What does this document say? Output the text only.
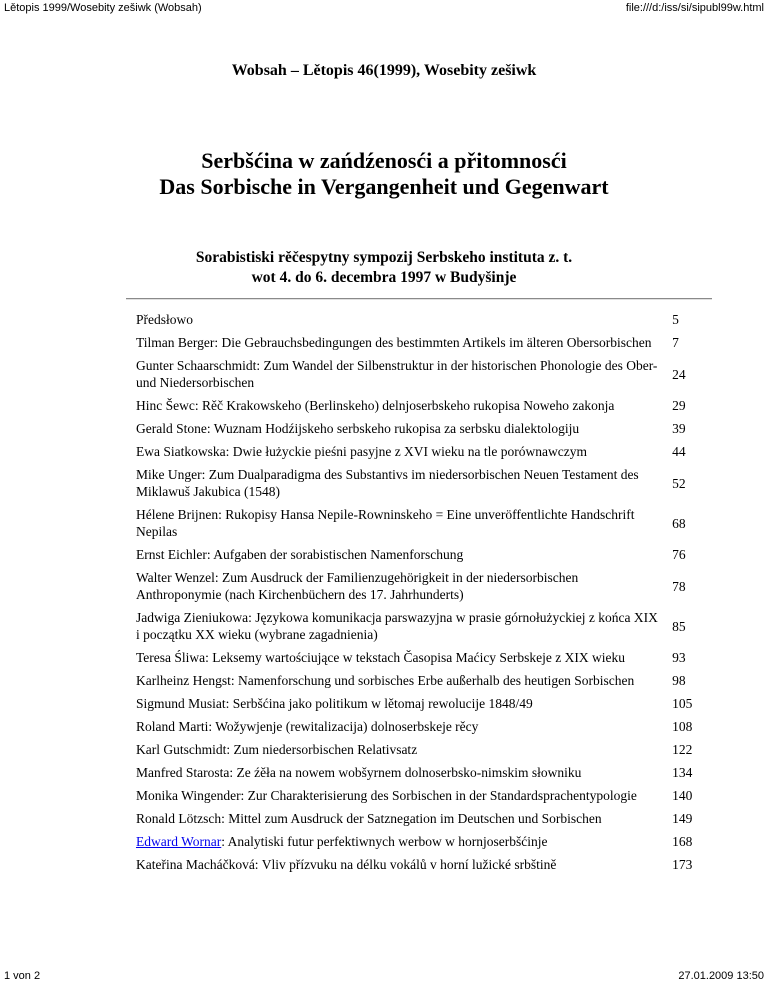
Lětopis 1999/Wosebity zešiwk (Wobsah)	file:///d:/iss/si/sipubl99w.html
Wobsah – Lětopis 46(1999), Wosebity zešiwk
Serbšćina w zańdźenosći a přitomnosći
Das Sorbische in Vergangenheit und Gegenwart
Sorabistiski rěčespytny sympozij Serbskeho instituta z. t.
wot 4. do 6. decembra 1997 w Budyšinje
Předsłowo	5
Tilman Berger: Die Gebrauchsbedingungen des bestimmten Artikels im älteren Obersorbischen	7
Gunter Schaarschmidt: Zum Wandel der Silbenstruktur in der historischen Phonologie des Ober- und Niedersorbischen
24
Hinc Šewc: Rěč Krakowskeho (Berlinskeho) delnjoserbskeho rukopisa Noweho zakonja	29
Gerald Stone: Wuznam Hodźijskeho serbskeho rukopisa za serbsku dialektologiju	39
Ewa Siatkowska: Dwie łużyckie pieśni pasyjne z XVI wieku na tle porównawczym	44
Mike Unger: Zum Dualparadigma des Substantivs im niedersorbischen Neuen Testament des Miklawuš Jakubica (1548)
52
Hélene Brijnen: Rukopisy Hansa Nepile-Rowninskeho = Eine unveröffentlichte Handschrift Nepilas
68
Ernst Eichler: Aufgaben der sorabistischen Namenforschung	76
Walter Wenzel: Zum Ausdruck der Familienzugehörigkeit in der niedersorbischen Anthroponymie (nach Kirchenbüchern des 17. Jahrhunderts)
78
Jadwiga Zieniukowa: Językowa komunikacja parswazyjna w prasie górnołużyckiej z końca XIX i początku XX wieku (wybrane zagadnienia)
85
Teresa Śliwa: Leksemy wartościujące w tekstach Časopisa Maćicy Serbskeje z XIX wieku	93
Karlheinz Hengst: Namenforschung und sorbisches Erbe außerhalb des heutigen Sorbischen	98
Sigmund Musiat: Serbšćina jako politikum w lětomaj rewolucije 1848/49	105
Roland Marti: Wožywjenje (rewitalizacija) dolnoserbskeje rěcy	108
Karl Gutschmidt: Zum niedersorbischen Relativsatz	122
Manfred Starosta: Ze źěła na nowem wobšyrnem dolnoserbsko-nimskim słowniku	134
Monika Wingender: Zur Charakterisierung des Sorbischen in der Standardsprachentypologie	140
Ronald Lötzsch: Mittel zum Ausdruck der Satznegation im Deutschen und Sorbischen	149
Edward Wornar: Analytiski futur perfektiwnych werbow w hornjoserbšćinje	168
Kateřina Macháčková: Vliv přízvuku na délku vokálů v horní lužické srbštině	173
1 von 2	27.01.2009 13:50
